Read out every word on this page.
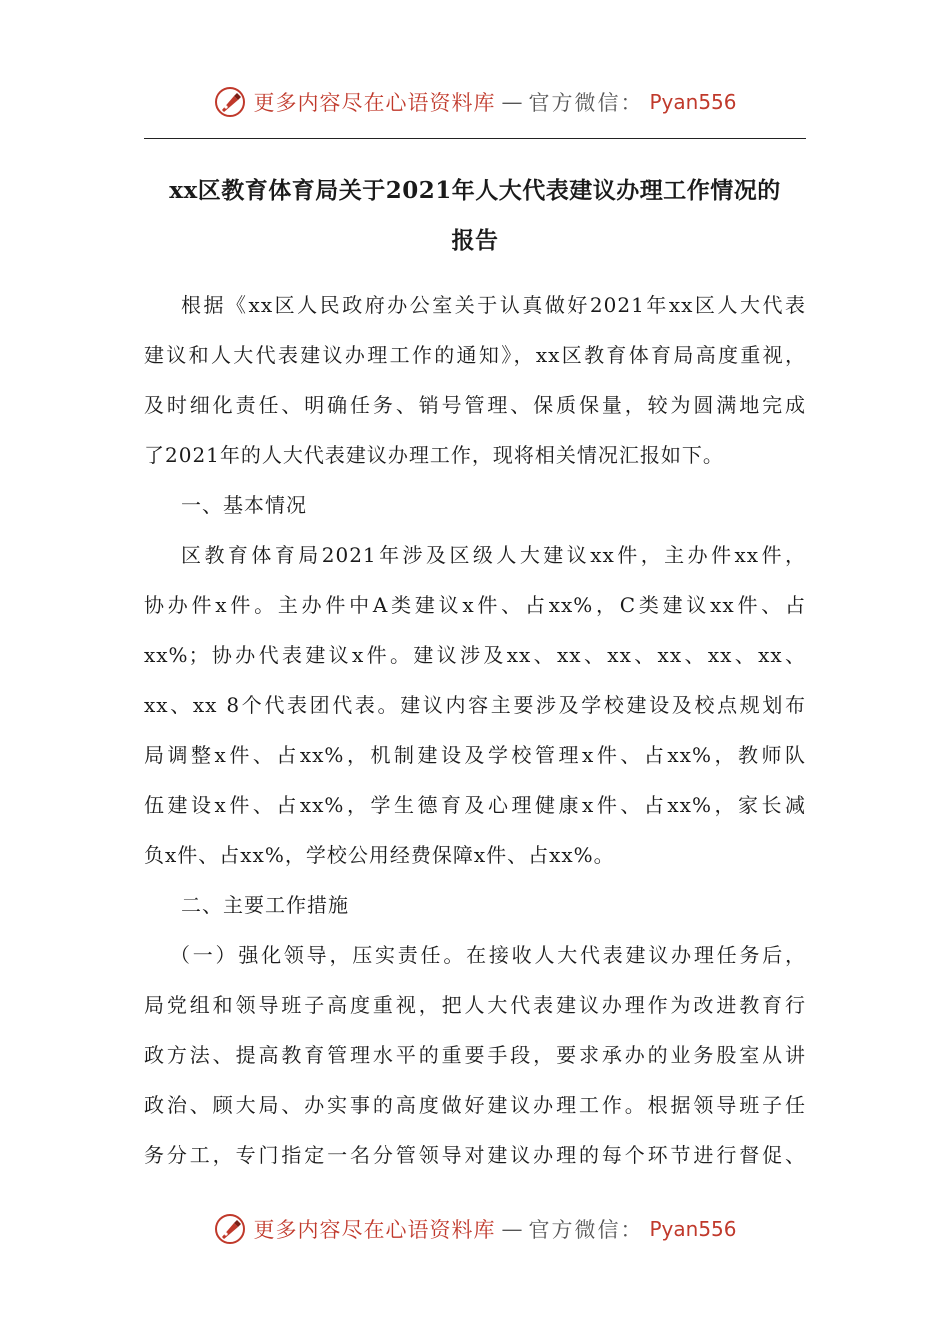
更多内容尽在心语资料库 — 官方微信： Pyan556
xx区教育体育局关于2021年人大代表建议办理工作情况的
报告
根据《xx区人民政府办公室关于认真做好2021年xx区人大代表
建议和人大代表建议办理工作的通知》，xx区教育体育局高度重视，
及时细化责任、明确任务、销号管理、保质保量，较为圆满地完成
了2021年的人大代表建议办理工作，现将相关情况汇报如下。
一、基本情况
区教育体育局2021年涉及区级人大建议xx件，主办件xx件，
协办件x件。主办件中A类建议x件、占xx%，C类建议xx件、占
xx%；协办代表建议x件。建议涉及xx、xx、xx、xx、xx、xx、
xx、xx 8个代表团代表。建议内容主要涉及学校建设及校点规划布
局调整x件、占xx%，机制建设及学校管理x件、占xx%，教师队
伍建设x件、占xx%，学生德育及心理健康x件、占xx%，家长减
负x件、占xx%，学校公用经费保障x件、占xx%。
二、主要工作措施
（一）强化领导，压实责任。在接收人大代表建议办理任务后，
局党组和领导班子高度重视，把人大代表建议办理作为改进教育行
政方法、提高教育管理水平的重要手段，要求承办的业务股室从讲
政治、顾大局、办实事的高度做好建议办理工作。根据领导班子任
务分工，专门指定一名分管领导对建议办理的每个环节进行督促、
更多内容尽在心语资料库 — 官方微信： Pyan556
